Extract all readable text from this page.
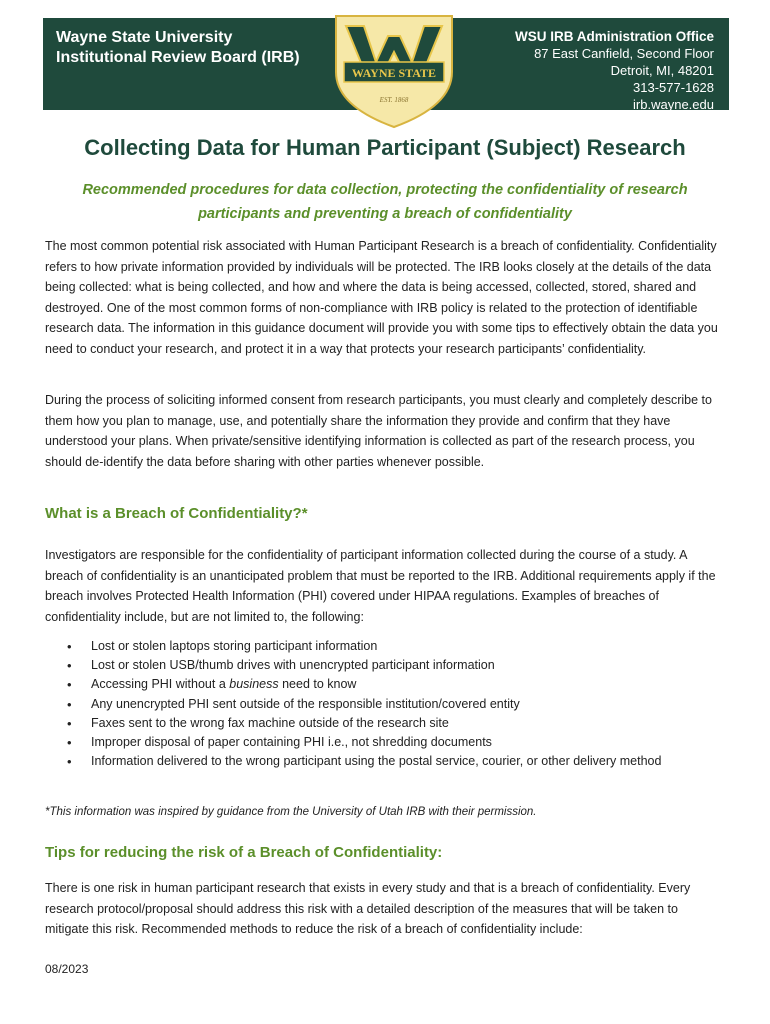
Wayne State University
Institutional Review Board (IRB)
WSU IRB Administration Office
87 East Canfield, Second Floor
Detroit, MI, 48201
313-577-1628
irb.wayne.edu
WAYNE STATE
EST. 1868
Collecting Data for Human Participant (Subject) Research

Recommended procedures for data collection, protecting the confidentiality of research participants and preventing a breach of confidentiality

The most common potential risk associated with Human Participant Research is a breach of confidentiality. Confidentiality refers to how private information provided by individuals will be protected. The IRB looks closely at the details of the data being collected: what is being collected, and how and where the data is being accessed, collected, stored, shared and destroyed. One of the most common forms of non-compliance with IRB policy is related to the protection of identifiable research data. The information in this guidance document will provide you with some tips to effectively obtain the data you need to conduct your research, and protect it in a way that protects your research participants’ confidentiality.

During the process of soliciting informed consent from research participants, you must clearly and completely describe to them how you plan to manage, use, and potentially share the information they provide and confirm that they have understood your plans. When private/sensitive identifying information is collected as part of the research process, you should de-identify the data before sharing with other parties whenever possible.

What is a Breach of Confidentiality?*

Investigators are responsible for the confidentiality of participant information collected during the course of a study. A breach of confidentiality is an unanticipated problem that must be reported to the IRB. Additional requirements apply if the breach involves Protected Health Information (PHI) covered under HIPAA regulations. Examples of breaches of confidentiality include, but are not limited to, the following:

• Lost or stolen laptops storing participant information
• Lost or stolen USB/thumb drives with unencrypted participant information
• Accessing PHI without a business need to know
• Any unencrypted PHI sent outside of the responsible institution/covered entity
• Faxes sent to the wrong fax machine outside of the research site
• Improper disposal of paper containing PHI i.e., not shredding documents
• Information delivered to the wrong participant using the postal service, courier, or other delivery method

*This information was inspired by guidance from the University of Utah IRB with their permission.

Tips for reducing the risk of a Breach of Confidentiality:

There is one risk in human participant research that exists in every study and that is a breach of confidentiality. Every research protocol/proposal should address this risk with a detailed description of the measures that will be taken to mitigate this risk. Recommended methods to reduce the risk of a breach of confidentiality include:

08/2023
